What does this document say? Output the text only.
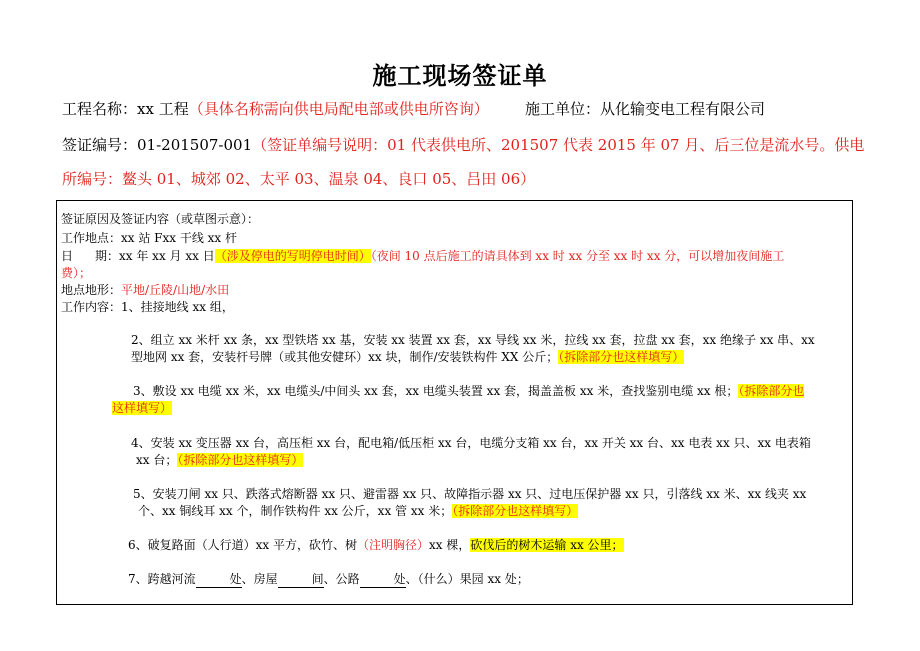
施工现场签证单
工程名称：xx 工程（具体名称需向供电局配电部或供电所咨询） 施工单位：从化输变电工程有限公司
签证编号：01-201507-001（签证单编号说明：01 代表供电所、201507 代表 2015 年 07 月、后三位是流水号。供电
所编号：鳌头 01、城郊 02、太平 03、温泉 04、良口 05、吕田 06）
签证原因及签证内容（或草图示意）：
工作地点：xx 站 Fxx 干线 xx 杆
日 期：xx 年 xx 月 xx 日（涉及停电的写明停电时间）（夜间 10 点后施工的请具体到 xx 时 xx 分至 xx 时 xx 分，可以增加夜间施工
费）；
地点地形：平地/丘陵/山地/水田
工作内容：1、挂接地线 xx 组，
2、组立 xx 米杆 xx 条，xx 型铁塔 xx 基，安装 xx 装置 xx 套，xx 导线 xx 米，拉线 xx 套，拉盘 xx 套，xx 绝缘子 xx 串、xx
型地网 xx 套，安装杆号牌（或其他安健环）xx 块，制作/安装铁构件 XX 公斤；（拆除部分也这样填写）
3、敷设 xx 电缆 xx 米，xx 电缆头/中间头 xx 套，xx 电缆头装置 xx 套，揭盖盖板 xx 米，查找鉴别电缆 xx 根；（拆除部分也
这样填写）
4、安装 xx 变压器 xx 台，高压柜 xx 台，配电箱/低压柜 xx 台，电缆分支箱 xx 台，xx 开关 xx 台、xx 电表 xx 只、xx 电表箱
xx 台；（拆除部分也这样填写）
5、安装刀闸 xx 只、跌落式熔断器 xx 只、避雷器 xx 只、故障指示器 xx 只、过电压保护器 xx 只，引落线 xx 米、xx 线夹 xx
个、xx 铜线耳 xx 个，制作铁构件 xx 公斤，xx 管 xx 米；（拆除部分也这样填写）
6、破复路面（人行道）xx 平方，砍竹、树（注明胸径）xx 棵，砍伐后的树木运输 xx 公里；
7、跨越河流	处、房屋	间、公路	处、（什么）果园 xx 处；
